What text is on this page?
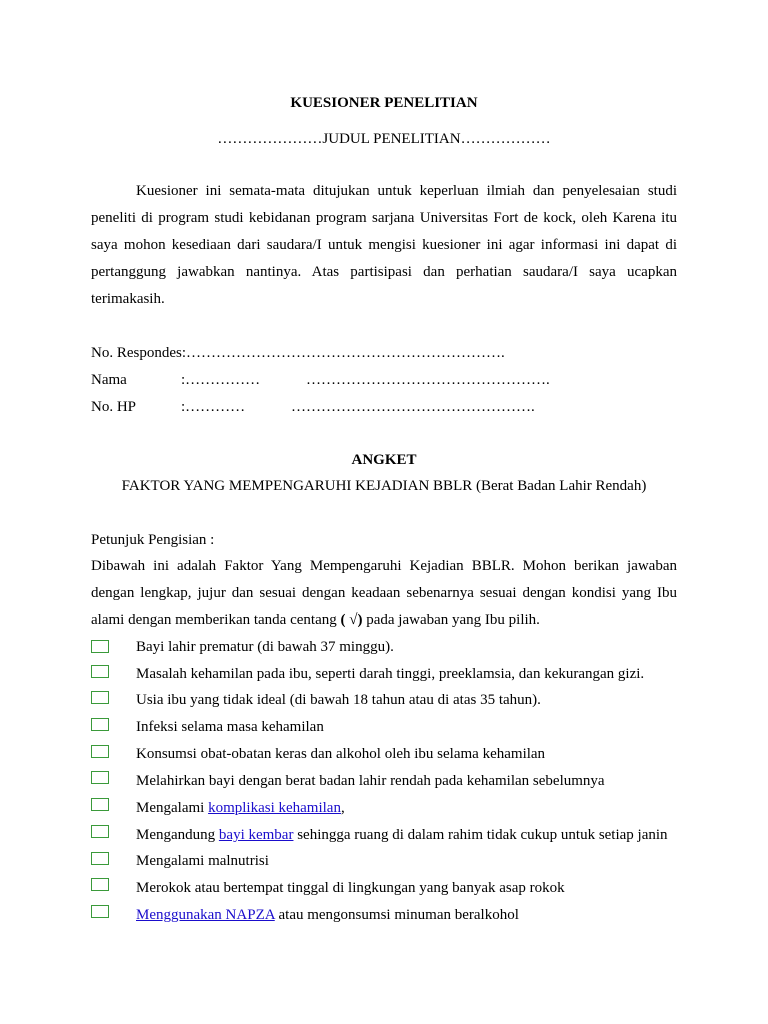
KUESIONER PENELITIAN
…………………JUDUL PENELITIAN………………
Kuesioner ini semata-mata ditujukan untuk keperluan ilmiah dan penyelesaian studi
peneliti di program studi kebidanan program sarjana Universitas Fort de kock, oleh Karena itu
saya mohon kesediaan dari saudara/I untuk mengisi kuesioner ini agar informasi ini dapat di
pertanggung jawabkan nantinya. Atas partisipasi dan perhatian saudara/I saya ucapkan
terimakasih.
No. Respondes:……………………………………………………….
Nama	:……………	………………………………………….
No. HP	:…………	………………………………………….
ANGKET
FAKTOR YANG MEMPENGARUHI KEJADIAN BBLR (Berat Badan Lahir Rendah)
Petunjuk Pengisian :
Dibawah ini adalah Faktor Yang Mempengaruhi Kejadian BBLR. Mohon berikan jawaban
dengan lengkap, jujur dan sesuai dengan keadaan sebenarnya sesuai dengan kondisi yang Ibu
alami dengan memberikan tanda centang ( √) pada jawaban yang Ibu pilih.
Bayi lahir prematur (di bawah 37 minggu).
Masalah kehamilan pada ibu, seperti darah tinggi, preeklamsia, dan kekurangan gizi.
Usia ibu yang tidak ideal (di bawah 18 tahun atau di atas 35 tahun).
Infeksi selama masa kehamilan
Konsumsi obat-obatan keras dan alkohol oleh ibu selama kehamilan
Melahirkan bayi dengan berat badan lahir rendah pada kehamilan sebelumnya
Mengalami komplikasi kehamilan,
Mengandung bayi kembar sehingga ruang di dalam rahim tidak cukup untuk setiap janin
Mengalami malnutrisi
Merokok atau bertempat tinggal di lingkungan yang banyak asap rokok
Menggunakan NAPZA atau mengonsumsi minuman beralkohol
